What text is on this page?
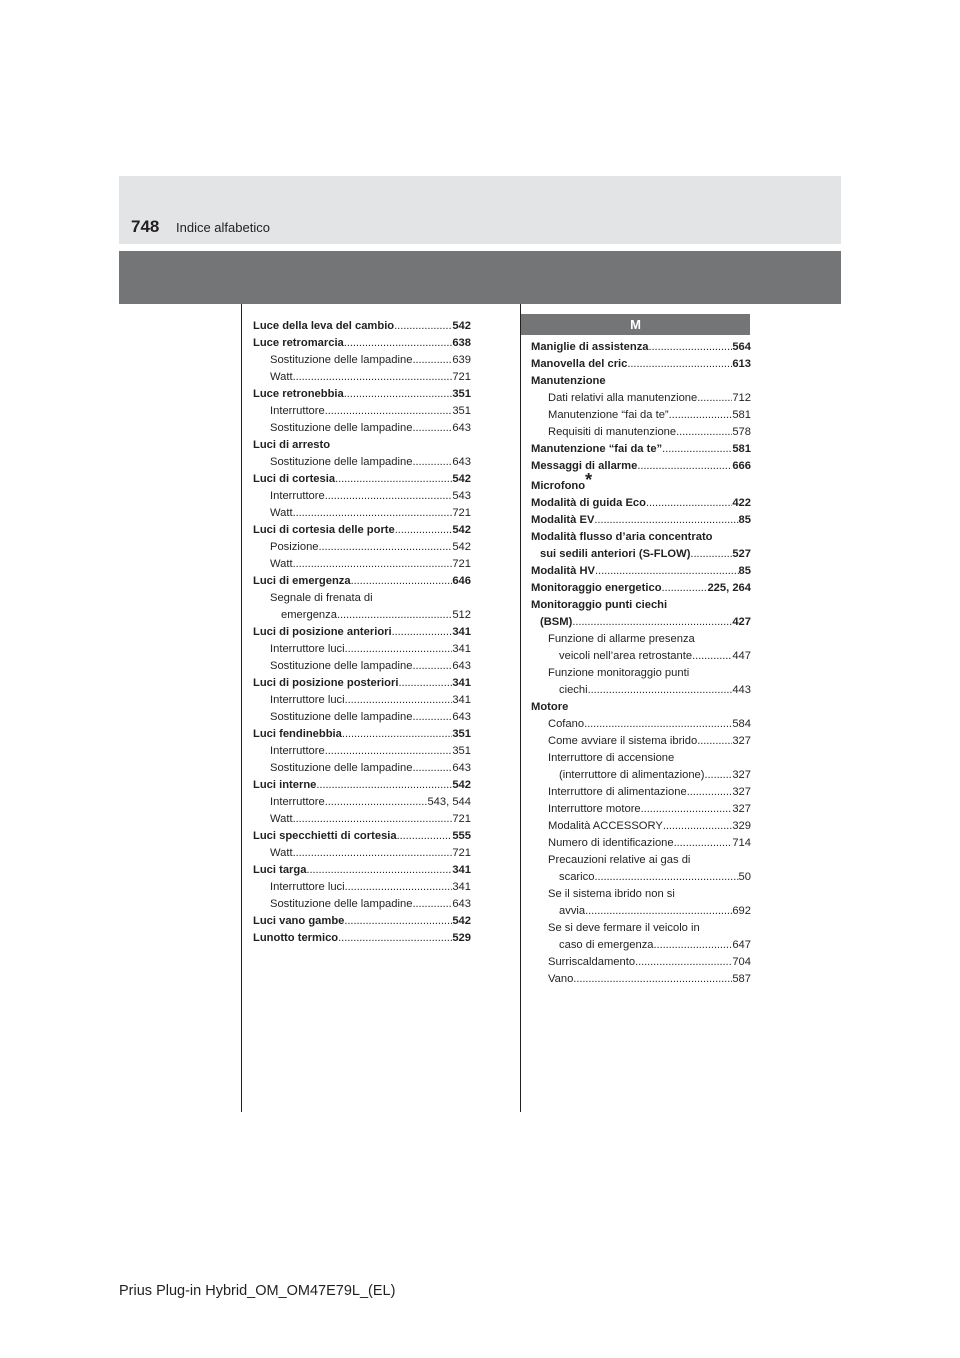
748 Indice alfabetico
M
Luce della leva del cambio . . .	542
Luce retromarcia . . .	638
Sostituzione delle lampadine . . .	639
Watt . . .	721
Luce retronebbia . . .	351
Interruttore . . .	351
Sostituzione delle lampadine . . .	643
Luci di arresto
Sostituzione delle lampadine . . .	643
Luci di cortesia . . .	542
Interruttore . . .	543
Watt . . .	721
Luci di cortesia delle porte . . .	542
Posizione . . .	542
Watt . . .	721
Luci di emergenza . . .	646
Segnale di frenata di
emergenza . . .	512
Luci di posizione anteriori . . .	341
Interruttore luci . . .	341
Sostituzione delle lampadine . . .	643
Luci di posizione posteriori . . .	341
Interruttore luci . . .	341
Sostituzione delle lampadine . . .	643
Luci fendinebbia . . .	351
Interruttore . . .	351
Sostituzione delle lampadine . . .	643
Luci interne . . .	542
Interruttore . . .	543, 544
Watt . . .	721
Luci specchietti di cortesia . . .	555
Watt . . .	721
Luci targa . . .	341
Interruttore luci . . .	341
Sostituzione delle lampadine . . .	643
Luci vano gambe . . .	542
Lunotto termico . . .	529
Maniglie di assistenza . . .	564
Manovella del cric . . .	613
Manutenzione
Dati relativi alla manutenzione . . .	712
Manutenzione “fai da te” . . .	581
Requisiti di manutenzione . . .	578
Manutenzione “fai da te” . . .	581
Messaggi di allarme . . .	666
Microfono*
Modalità di guida Eco . . .	422
Modalità EV . . .	85
Modalità flusso d’aria concentrato
sui sedili anteriori (S-FLOW) . . .	527
Modalità HV . . .	85
Monitoraggio energetico . . .	225, 264
Monitoraggio punti ciechi
(BSM) . . .	427
Funzione di allarme presenza
veicoli nell’area retrostante . . .	447
Funzione monitoraggio punti
ciechi . . .	443
Motore
Cofano . . .	584
Come avviare il sistema ibrido . . .	327
Interruttore di accensione
(interruttore di alimentazione) . . . 327
Interruttore di alimentazione . . .	327
Interruttore motore . . .	327
Modalità ACCESSORY . . .	329
Numero di identificazione . . .	714
Precauzioni relative ai gas di
scarico . . .	50
Se il sistema ibrido non si
avvia . . .	692
Se si deve fermare il veicolo in
caso di emergenza . . .	647
Surriscaldamento . . .	704
Vano . . .	587
Prius Plug-in Hybrid_OM_OM47E79L_(EL)
